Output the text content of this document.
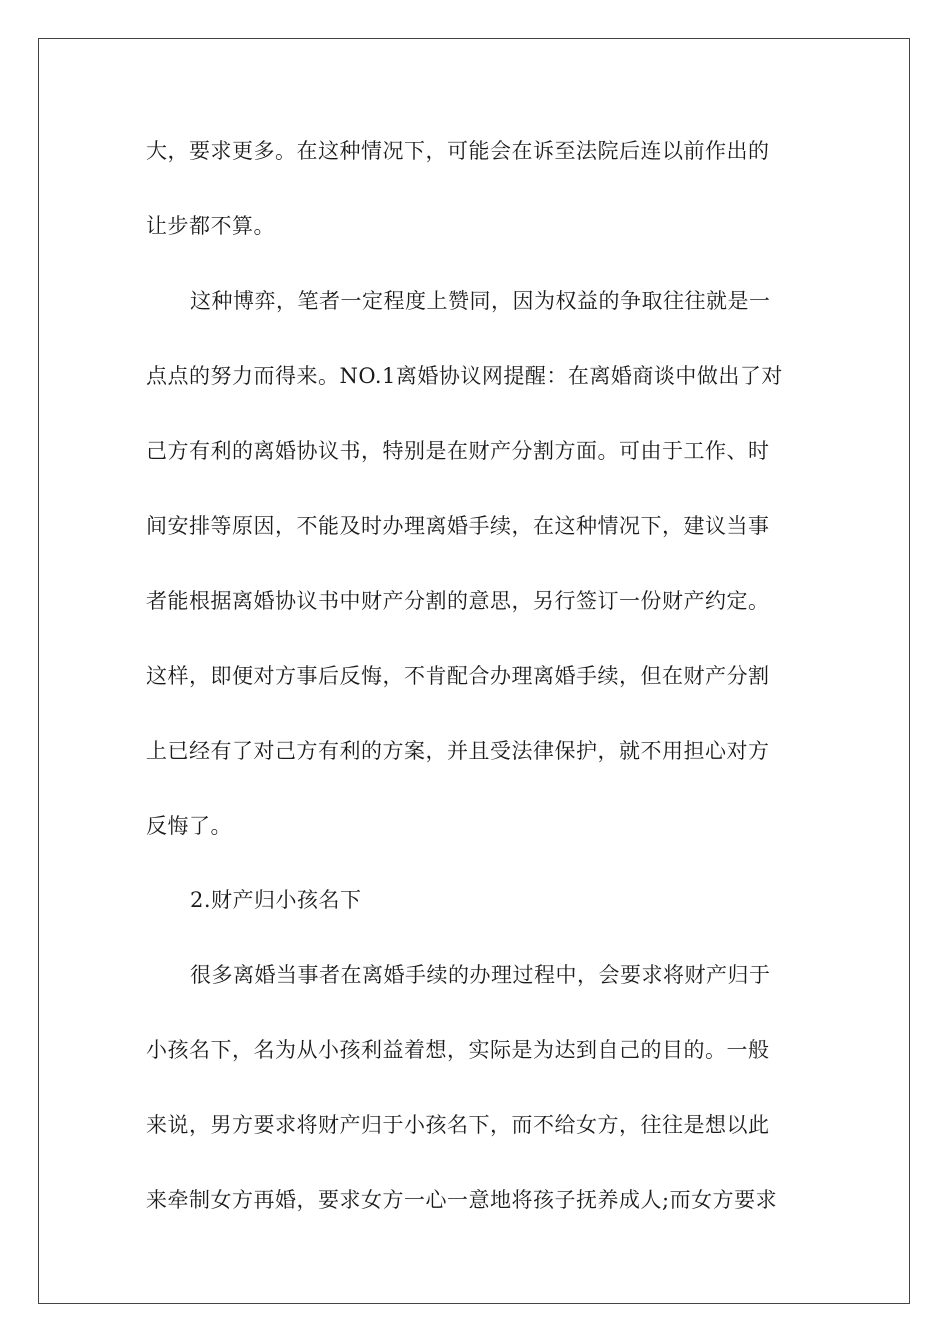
大，要求更多。在这种情况下，可能会在诉至法院后连以前作出的
让步都不算。
这种博弈，笔者一定程度上赞同，因为权益的争取往往就是一
点点的努力而得来。NO.1离婚协议网提醒：在离婚商谈中做出了对
己方有利的离婚协议书，特别是在财产分割方面。可由于工作、时
间安排等原因，不能及时办理离婚手续，在这种情况下，建议当事
者能根据离婚协议书中财产分割的意思，另行签订一份财产约定。
这样，即便对方事后反悔，不肯配合办理离婚手续，但在财产分割
上已经有了对己方有利的方案，并且受法律保护，就不用担心对方
反悔了。
2.财产归小孩名下
很多离婚当事者在离婚手续的办理过程中，会要求将财产归于
小孩名下，名为从小孩利益着想，实际是为达到自己的目的。一般
来说，男方要求将财产归于小孩名下，而不给女方，往往是想以此
来牵制女方再婚，要求女方一心一意地将孩子抚养成人;而女方要求
